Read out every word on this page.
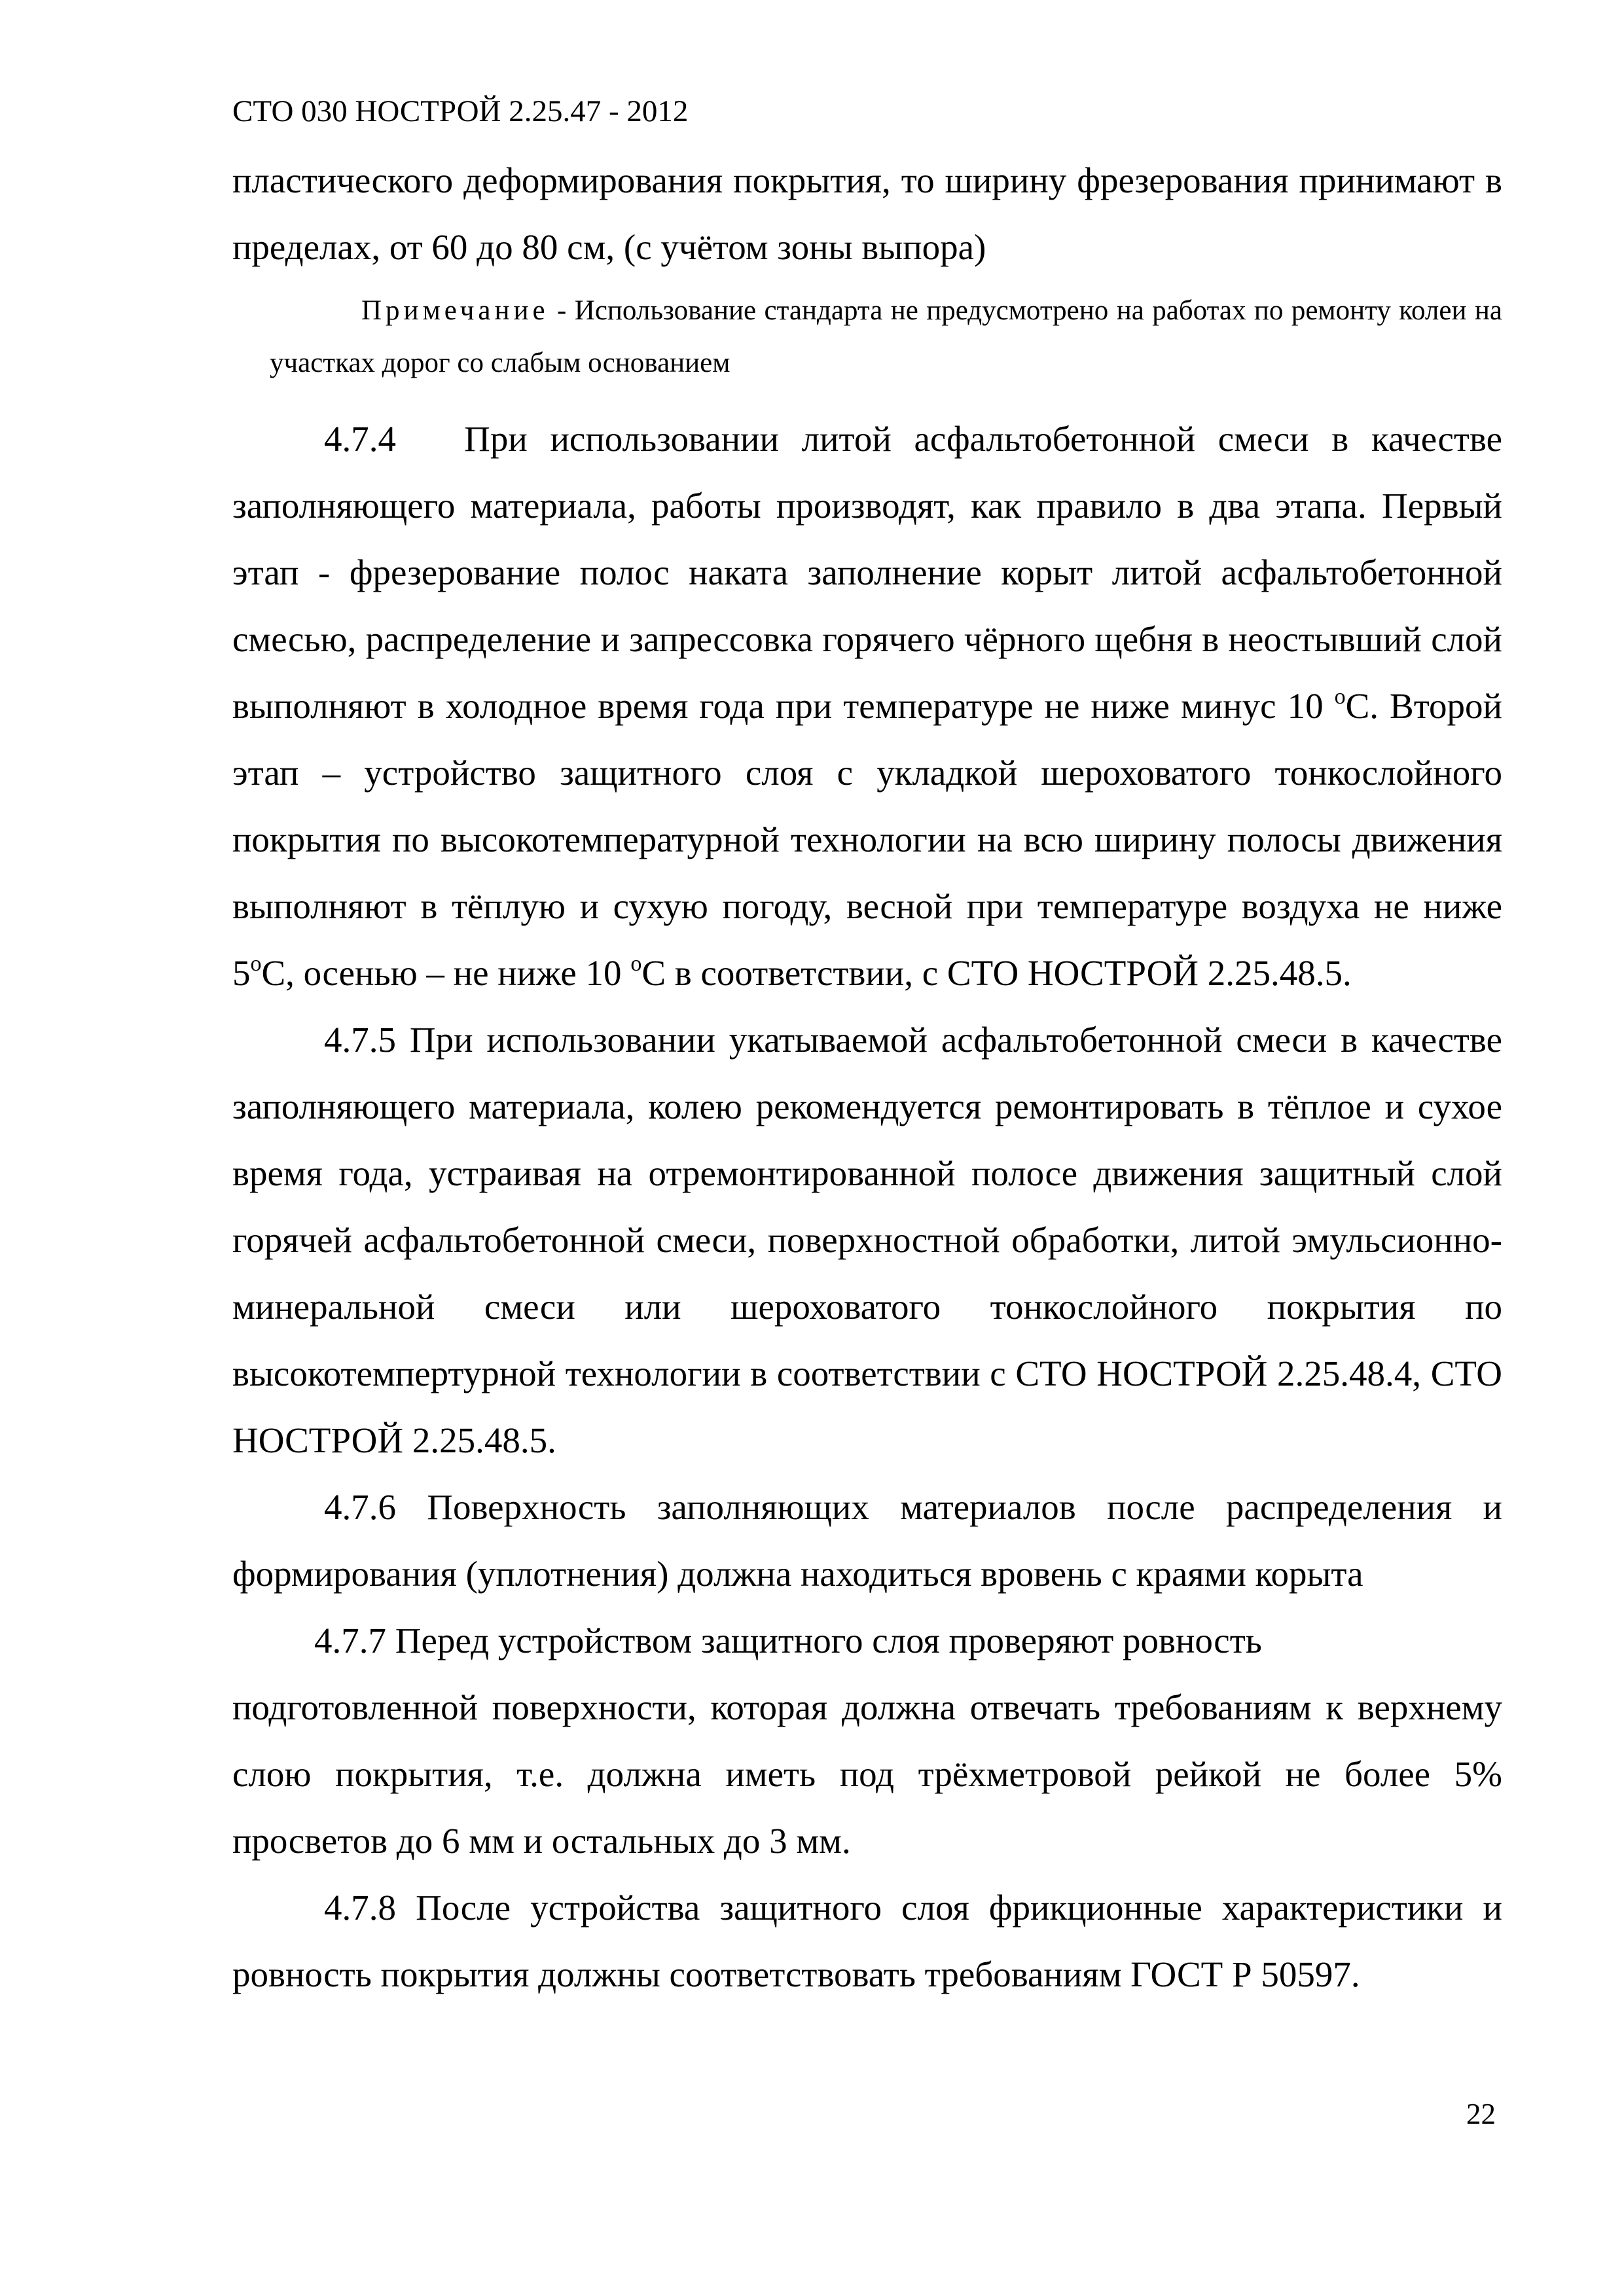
СТО 030 НОСТРОЙ 2.25.47 - 2012

пластического деформирования покрытия, то ширину фрезерования принимают в пределах, от 60 до 80 см, (с учётом зоны выпора)

Примечание - Использование стандарта не предусмотрено на работах по ремонту колеи на участках дорог со слабым основанием

4.7.4 При использовании литой асфальтобетонной смеси в качестве заполняющего материала, работы производят, как правило в два этапа. Первый этап - фрезерование полос наката заполнение корыт литой асфальтобетонной смесью, распределение и запрессовка горячего чёрного щебня в неостывший слой выполняют в холодное время года при температуре не ниже минус 10 $^о$С. Второй этап – устройство защитного слоя с укладкой шероховатого тонкослойного покрытия по высокотемпературной технологии на всю ширину полосы движения выполняют в тёплую и сухую погоду, весной при температуре воздуха не ниже $5^оС$, осенью – не ниже 10 $^о$С в соответствии, с СТО НОСТРОЙ 2.25.48.5.

4.7.5 При использовании укатываемой асфальтобетонной смеси в качестве заполняющего материала, колею рекомендуется ремонтировать в тёплое и сухое время года, устраивая на отремонтированной полосе движения защитный слой горячей асфальтобетонной смеси, поверхностной обработки, литой эмульсионно-минеральной смеси или шероховатого тонкослойного покрытия по высокотемпертурной технологии в соответствии с СТО НОСТРОЙ 2.25.48.4, СТО НОСТРОЙ 2.25.48.5.

4.7.6 Поверхность заполняющих материалов после распределения и формирования (уплотнения) должна находиться вровень с краями корыта

4.7.7 Перед устройством защитного слоя проверяют ровность

подготовленной поверхности, которая должна отвечать требованиям к верхнему слою покрытия, т.е. должна иметь под трёхметровой рейкой не более 5% просветов до 6 мм и остальных до 3 мм.

4.7.8 После устройства защитного слоя фрикционные характеристики и ровность покрытия должны соответствовать требованиям ГОСТ Р 50597.

22
